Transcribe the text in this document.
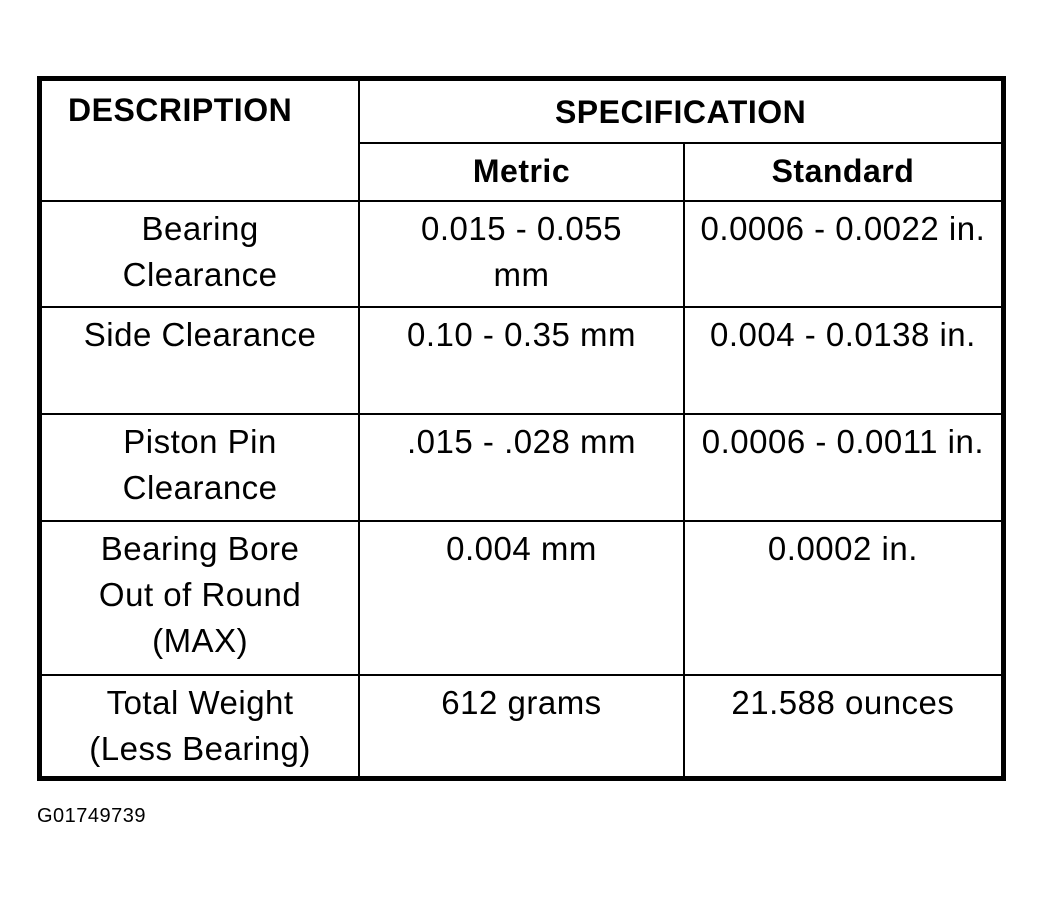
DESCRIPTION	SPECIFICATION	
	Metric	Standard
Bearing Clearance	0.015 - 0.055 mm	0.0006 - 0.0022 in.
Side Clearance	0.10 - 0.35 mm	0.004 - 0.0138 in.
Piston Pin Clearance	.015 - .028 mm	0.0006 - 0.0011 in.
Bearing Bore Out of Round (MAX)	0.004 mm	0.0002 in.
Total Weight (Less Bearing)	612 grams	21.588 ounces
G01749739
